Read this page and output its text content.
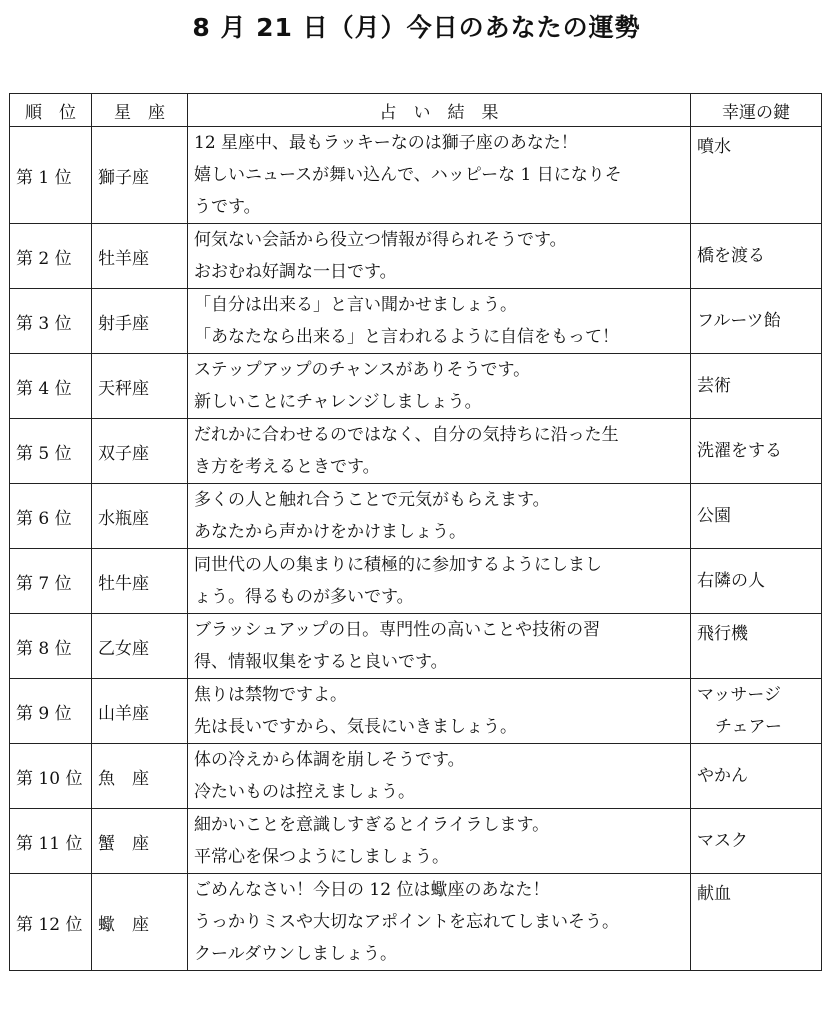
8 月 21 日（月）今日のあなたの運勢
順　位	星　座	占　い　結　果	幸運の鍵
第 1 位	獅子座	12 星座中、最もラッキーなのは獅子座のあなた！
嬉しいニュースが舞い込んで、ハッピーな 1 日になりそ
うです。	噴水

第 2 位	牡羊座	何気ない会話から役立つ情報が得られそうです。
おおむね好調な一日です。	橋を渡る

第 3 位	射手座	「自分は出来る」と言い聞かせましょう。
「あなたなら出来る」と言われるように自信をもって！	フルーツ飴

第 4 位	天秤座	ステップアップのチャンスがありそうです。
新しいことにチャレンジしましょう。	芸術

第 5 位	双子座	だれかに合わせるのではなく、自分の気持ちに沿った生
き方を考えるときです。	洗濯をする

第 6 位	水瓶座	多くの人と触れ合うことで元気がもらえます。
あなたから声かけをかけましょう。	公園

第 7 位	牡牛座	同世代の人の集まりに積極的に参加するようにしまし
ょう。得るものが多いです。	右隣の人

第 8 位	乙女座	ブラッシュアップの日。専門性の高いことや技術の習
得、情報収集をすると良いです。	飛行機

第 9 位	山羊座	焦りは禁物ですよ。
先は長いですから、気長にいきましょう。	マッサージ
チェアー

第 10 位	魚　座	体の冷えから体調を崩しそうです。
冷たいものは控えましょう。	やかん

第 11 位	蟹　座	細かいことを意識しすぎるとイライラします。
平常心を保つようにしましょう。	マスク

第 12 位	蠍　座	ごめんなさい！今日の 12 位は蠍座のあなた！
うっかりミスや大切なアポイントを忘れてしまいそう。
クールダウンしましょう。	献血
